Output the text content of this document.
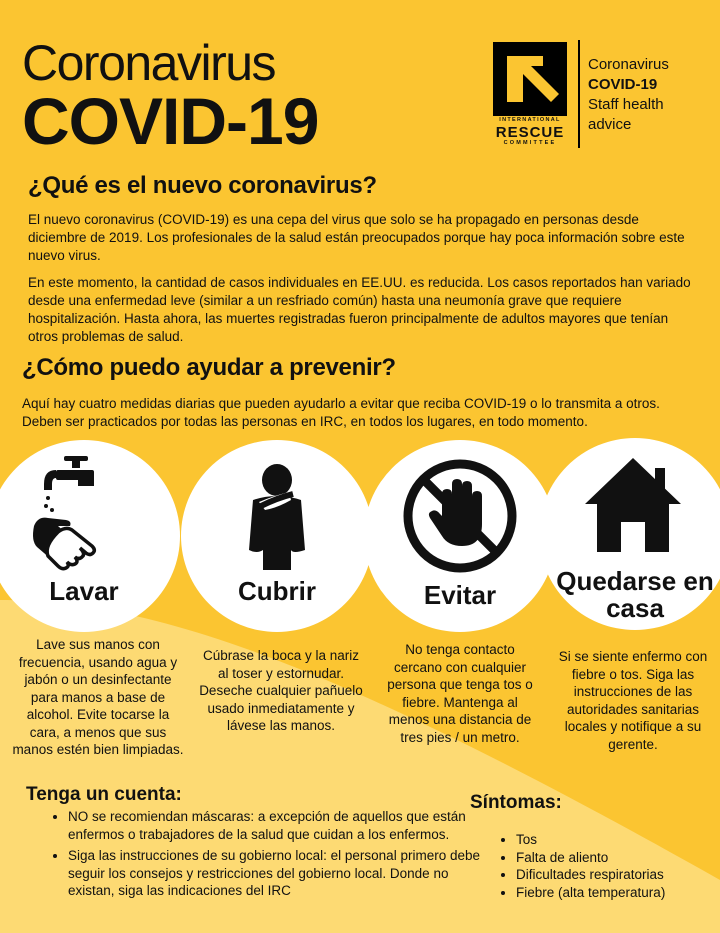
Coronavirus
COVID-19	INTERNATIONAL
RESCUE
COMMITTEE
Coronavirus
COVID-19
Staff health
advice
¿Qué es el nuevo coronavirus?
El nuevo coronavirus (COVID-19) es una cepa del virus que solo se ha propagado en personas desde diciembre de 2019. Los profesionales de la salud están preocupados porque hay poca información sobre este nuevo virus.
En este momento, la cantidad de casos individuales en EE.UU. es reducida. Los casos reportados han variado desde una enfermedad leve (similar a un resfriado común) hasta una neumonía grave que requiere hospitalización. Hasta ahora, las muertes registradas fueron principalmente de adultos mayores que tenían otros problemas de salud.
¿Cómo puedo ayudar a prevenir?
Aquí hay cuatro medidas diarias que pueden ayudarlo a evitar que reciba COVID-19 o lo transmita a otros. Deben ser practicados por todas las personas en IRC, en todos los lugares, en todo momento.
Lavar	Cubrir	Evitar	Quedarse en casa
Lave sus manos con frecuencia, usando agua y jabón o un desinfectante para manos a base de alcohol. Evite tocarse la cara, a menos que sus manos estén bien limpiadas.
Cúbrase la boca y la nariz al toser y estornudar. Deseche cualquier pañuelo usado inmediatamente y lávese las manos.
No tenga contacto cercano con cualquier persona que tenga tos o fiebre. Mantenga al menos una distancia de tres pies / un metro.
Si se siente enfermo con fiebre o tos. Siga las instrucciones de las autoridades sanitarias locales y notifique a su gerente.
Tenga un cuenta:
• NO se recomiendan máscaras: a excepción de aquellos que están enfermos o trabajadores de la salud que cuidan a los enfermos.
• Siga las instrucciones de su gobierno local: el personal primero debe seguir los consejos y restricciones del gobierno local. Donde no existan, siga las indicaciones del IRC
Síntomas:
• Tos
• Falta de aliento
• Dificultades respiratorias
• Fiebre (alta temperatura)
